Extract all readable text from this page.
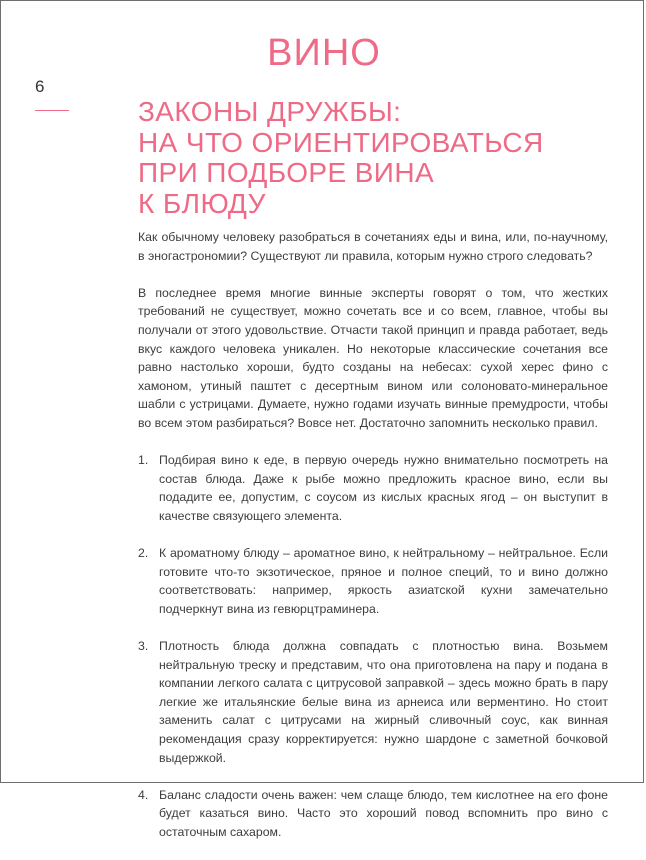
ВИНО
6
ЗАКОНЫ ДРУЖБЫ:
НА ЧТО ОРИЕНТИРОВАТЬСЯ
ПРИ ПОДБОРЕ ВИНА
К БЛЮДУ

Как обычному человеку разобраться в сочетаниях еды и вина, или, по-научному, в эногастрономии? Существуют ли правила, которым нужно строго следовать?

В последнее время многие винные эксперты говорят о том, что жестких требований не существует, можно сочетать все и со всем, главное, чтобы вы получали от этого удовольствие. Отчасти такой принцип и правда работает, ведь вкус каждого человека уникален. Но некоторые классические сочетания все равно настолько хороши, будто созданы на небесах: сухой херес фино с хамоном, утиный паштет с десертным вином или солоновато-минеральное шабли с устрицами. Думаете, нужно годами изучать винные премудрости, чтобы во всем этом разбираться? Вовсе нет. Достаточно запомнить несколько правил.

1. Подбирая вино к еде, в первую очередь нужно внимательно посмотреть на состав блюда. Даже к рыбе можно предложить красное вино, если вы подадите ее, допустим, с соусом из кислых красных ягод – он выступит в качестве связующего элемента.
2. К ароматному блюду – ароматное вино, к нейтральному – нейтральное. Если готовите что-то экзотическое, пряное и полное специй, то и вино должно соответствовать: например, яркость азиатской кухни замечательно подчеркнут вина из гевюрцтраминера.
3. Плотность блюда должна совпадать с плотностью вина. Возьмем нейтральную треску и представим, что она приготовлена на пару и подана в компании легкого салата с цитрусовой заправкой – здесь можно брать в пару легкие же итальянские белые вина из арнеиса или вермeнтино. Но стоит заменить салат с цитрусами на жирный сливочный соус, как винная рекомендация сразу корректируется: нужно шардоне с заметной бочковой выдержкой.
4. Баланс сладости очень важен: чем слаще блюдо, тем кислотнее на его фоне будет казаться вино. Часто это хороший повод вспомнить про вино с остаточным сахаром.
